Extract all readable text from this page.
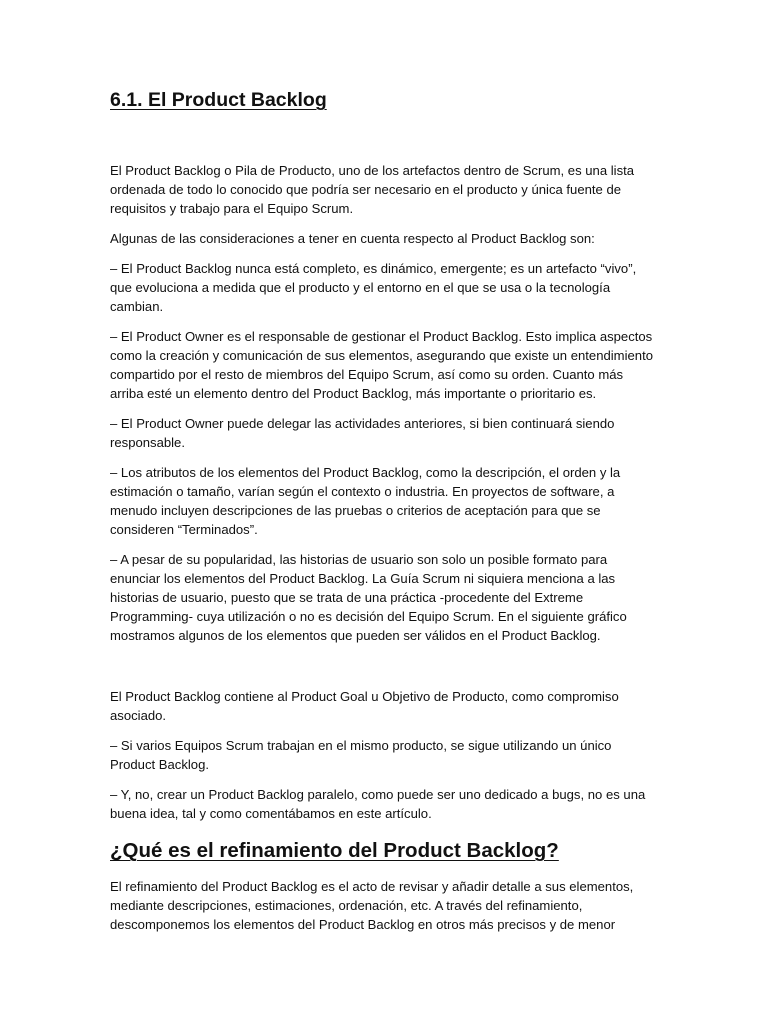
6.1. El Product Backlog

El Product Backlog o Pila de Producto, uno de los artefactos dentro de Scrum, es una lista ordenada de todo lo conocido que podría ser necesario en el producto y única fuente de requisitos y trabajo para el Equipo Scrum.

Algunas de las consideraciones a tener en cuenta respecto al Product Backlog son:

– El Product Backlog nunca está completo, es dinámico, emergente; es un artefacto “vivo”, que evoluciona a medida que el producto y el entorno en el que se usa o la tecnología cambian.

– El Product Owner es el responsable de gestionar el Product Backlog. Esto implica aspectos como la creación y comunicación de sus elementos, asegurando que existe un entendimiento compartido por el resto de miembros del Equipo Scrum, así como su orden. Cuanto más arriba esté un elemento dentro del Product Backlog, más importante o prioritario es.

– El Product Owner puede delegar las actividades anteriores, si bien continuará siendo responsable.

– Los atributos de los elementos del Product Backlog, como la descripción, el orden y la estimación o tamaño, varían según el contexto o industria. En proyectos de software, a menudo incluyen descripciones de las pruebas o criterios de aceptación para que se consideren “Terminados”.

– A pesar de su popularidad, las historias de usuario son solo un posible formato para enunciar los elementos del Product Backlog. La Guía Scrum ni siquiera menciona a las historias de usuario, puesto que se trata de una práctica -procedente del Extreme Programming- cuya utilización o no es decisión del Equipo Scrum. En el siguiente gráfico mostramos algunos de los elementos que pueden ser válidos en el Product Backlog.

El Product Backlog contiene al Product Goal u Objetivo de Producto, como compromiso asociado.

– Si varios Equipos Scrum trabajan en el mismo producto, se sigue utilizando un único Product Backlog.

– Y, no, crear un Product Backlog paralelo, como puede ser uno dedicado a bugs, no es una buena idea, tal y como comentábamos en este artículo.

¿Qué es el refinamiento del Product Backlog?

El refinamiento del Product Backlog es el acto de revisar y añadir detalle a sus elementos, mediante descripciones, estimaciones, ordenación, etc. A través del refinamiento, descomponemos los elementos del Product Backlog en otros más precisos y de menor
